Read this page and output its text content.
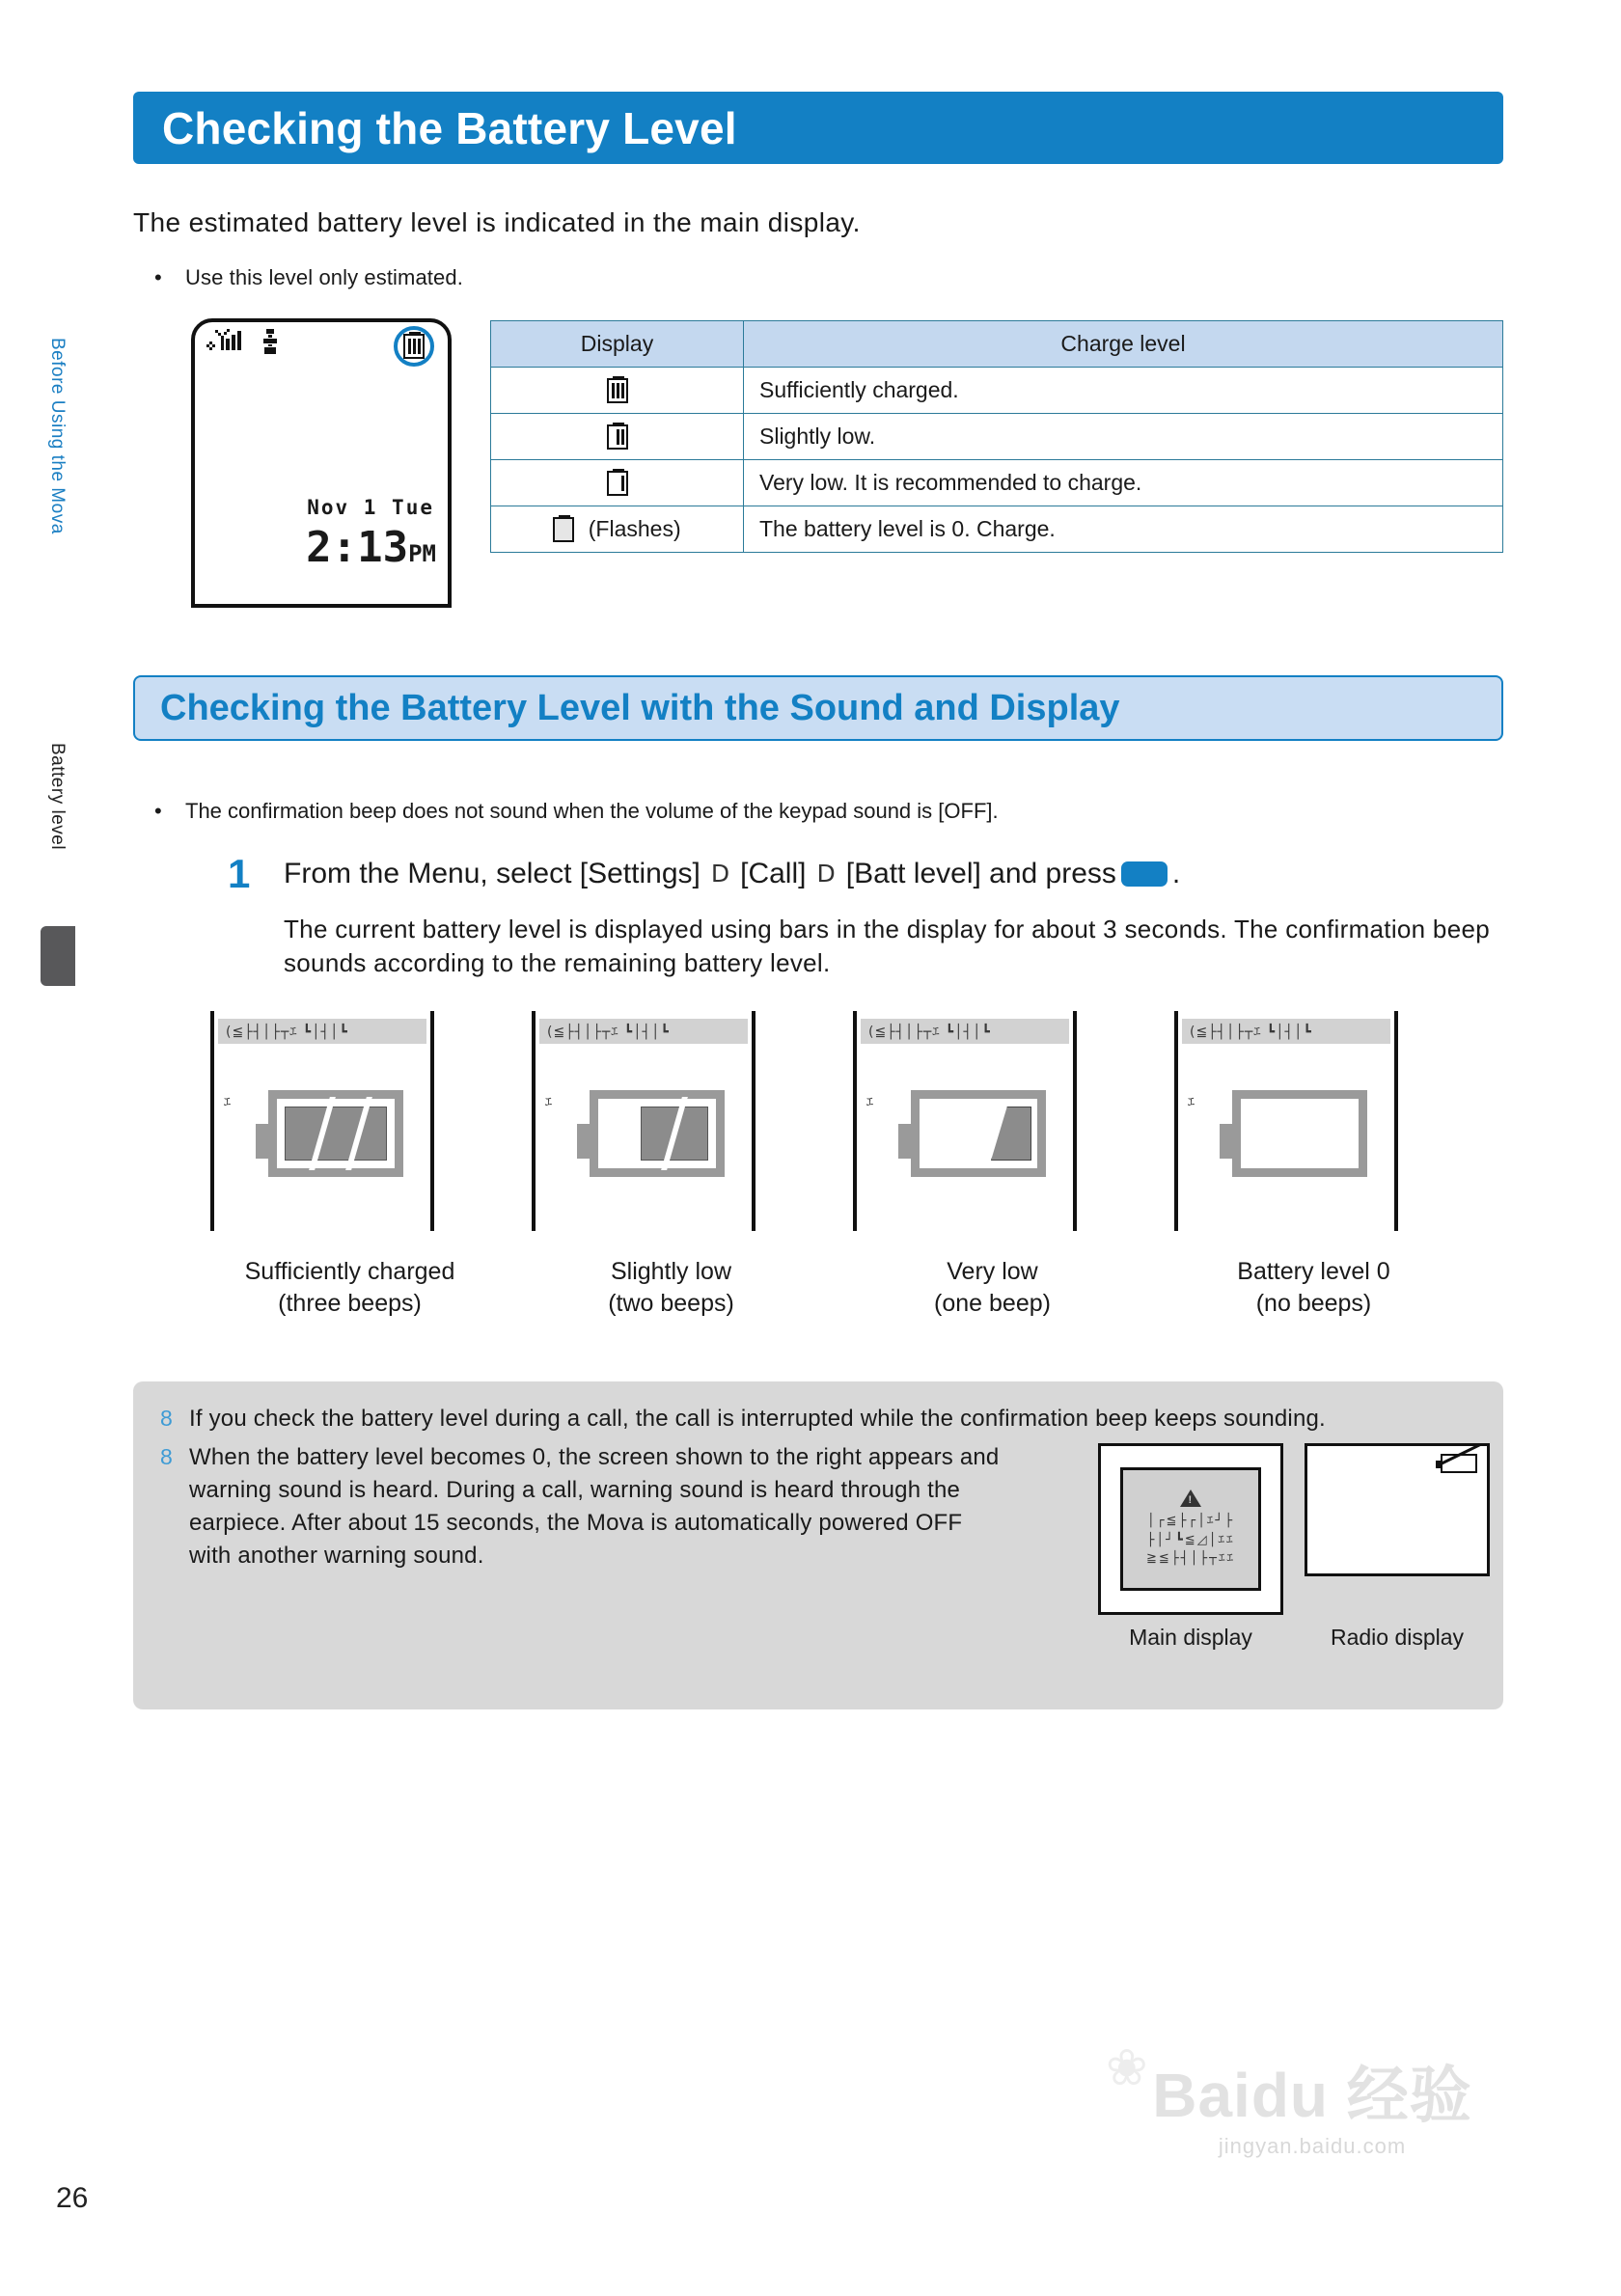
Before Using the Mova
Battery level
26
Checking the Battery Level
The estimated battery level is indicated in the main display.
• Use this level only estimated.
Nov 1 Tue
2:13PM
Display	Charge level

	Sufficiently charged.

	Slightly low.

	Very low. It is recommended to charge.
(Flashes)	The battery level is 0. Charge.
Checking the Battery Level with the Sound and Display
• The confirmation beep does not sound when the volume of the keypad sound is [OFF].
1 From the Menu, select [Settings] D [Call] D [Batt level] and press .
The current battery level is displayed using bars in the display for about 3 seconds. The confirmation beep sounds according to the remaining battery level.
(≦├┤│├┬ｴ ┗│┤│┗
ｴ
(≦├┤│├┬ｴ ┗│┤│┗
ｴ
(≦├┤│├┬ｴ ┗│┤│┗
ｴ
(≦├┤│├┬ｴ ┗│┤│┗
ｴ
Sufficiently charged
(three beeps)
Slightly low
(two beeps)
Very low
(one beep)
Battery level 0
(no beeps)
8 If you check the battery level during a call, the call is interrupted while the confirmation beep keeps sounding.
8 When the battery level becomes 0, the screen shown to the right appears and warning sound is heard. During a call, warning sound is heard through the earpiece. After about 15 seconds, the Mova is automatically powered OFF with another warning sound.
!
│┌≦├┌│ｴ┘├
├│┘┗≦◿│ｴｴ
≧≦├┤│├┬ｴｴ
Main display	Radio display
❀ Baidu 经验
jingyan.baidu.com
